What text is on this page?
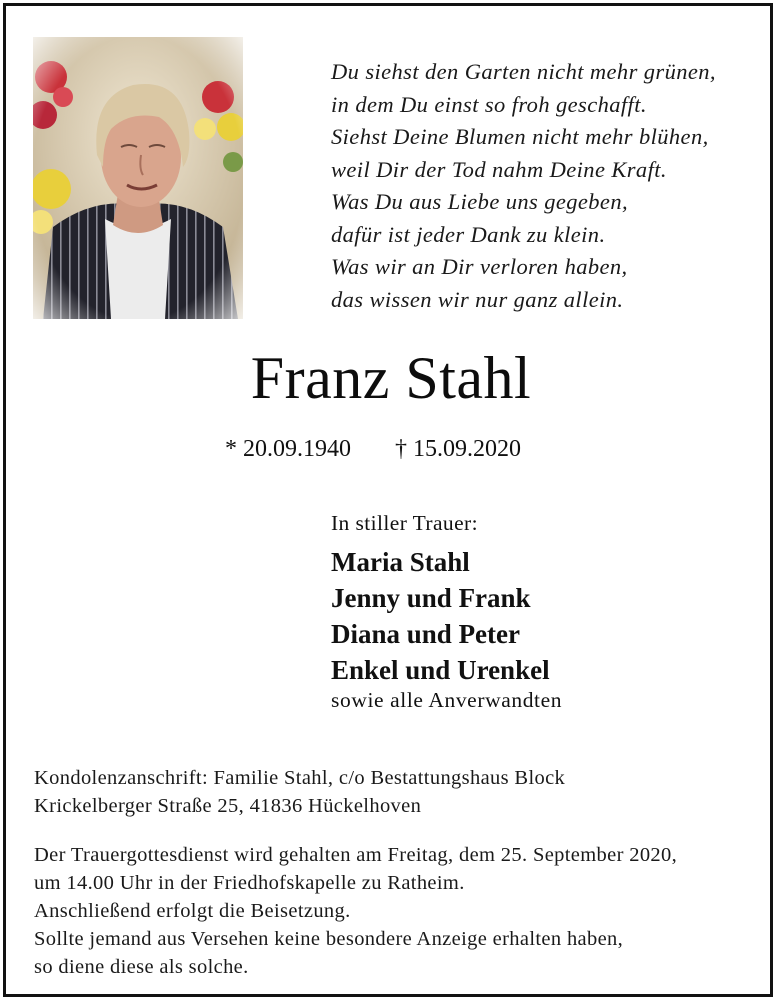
Du siehst den Garten nicht mehr grünen,
in dem Du einst so froh geschafft.
Siehst Deine Blumen nicht mehr blühen,
weil Dir der Tod nahm Deine Kraft.
Was Du aus Liebe uns gegeben,
dafür ist jeder Dank zu klein.
Was wir an Dir verloren haben,
das wissen wir nur ganz allein.
Franz Stahl
* 20.09.1940 † 15.09.2020
In stiller Trauer:
Maria Stahl
Jenny und Frank
Diana und Peter
Enkel und Urenkel
sowie alle Anverwandten
Kondolenzanschrift: Familie Stahl, c/o Bestattungshaus Block
Krickelberger Straße 25, 41836 Hückelhoven
Der Trauergottesdienst wird gehalten am Freitag, dem 25. September 2020,
um 14.00 Uhr in der Friedhofskapelle zu Ratheim.
Anschließend erfolgt die Beisetzung.
Sollte jemand aus Versehen keine besondere Anzeige erhalten haben,
so diene diese als solche.
